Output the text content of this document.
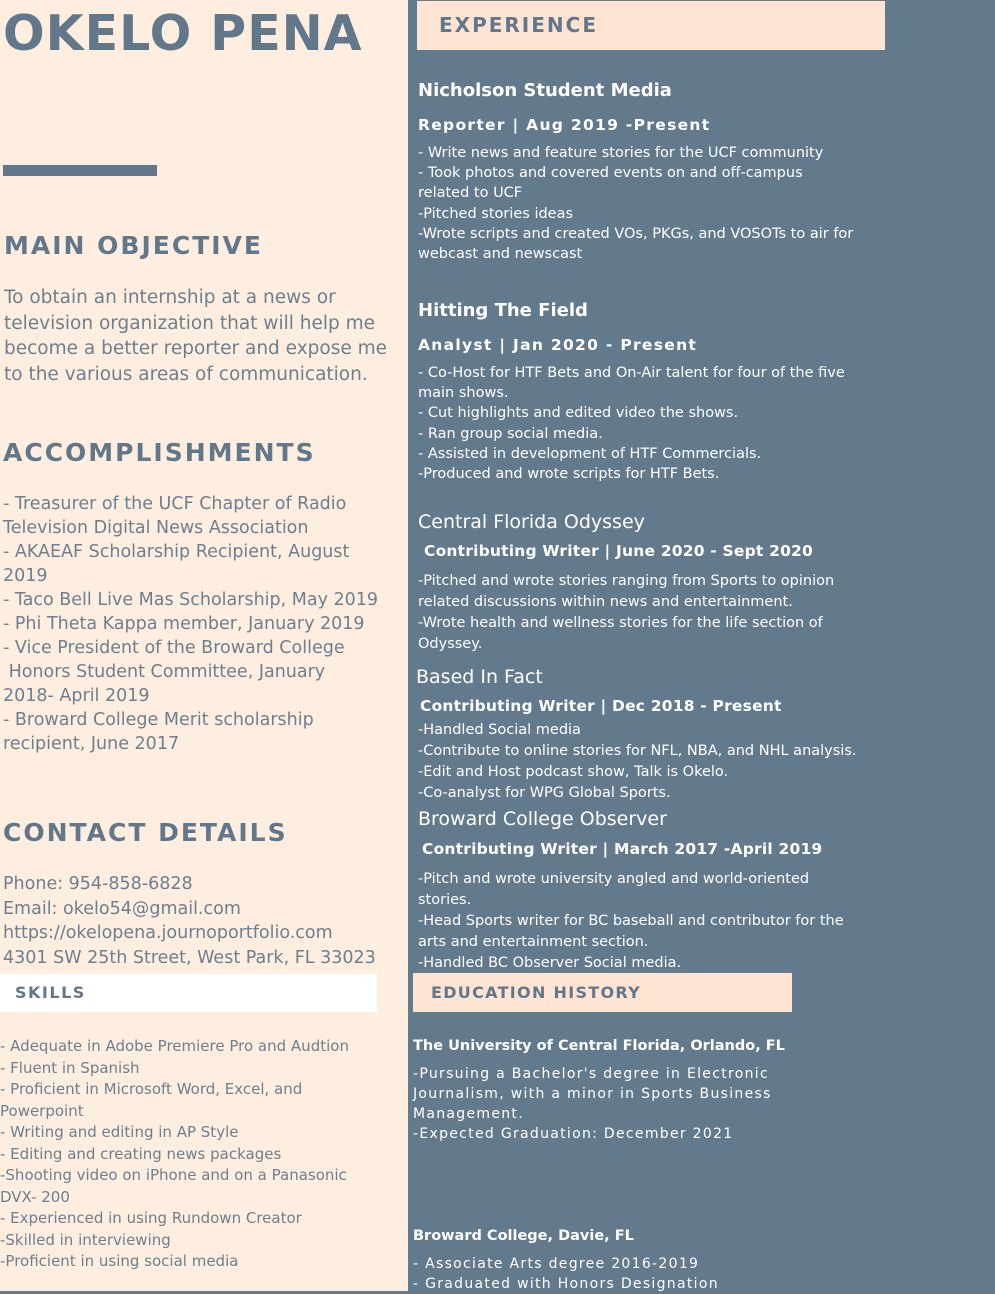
OKELO PENA
MAIN OBJECTIVE
To obtain an internship at a news or television organization that will help me become a better reporter and expose me to the various areas of communication.
ACCOMPLISHMENTS
- Treasurer of the UCF Chapter of Radio
Television Digital News Association
- AKAEAF Scholarship Recipient, August
2019
- Taco Bell Live Mas Scholarship, May 2019
- Phi Theta Kappa member, January 2019
- Vice President of the Broward College
Honors Student Committee, January
2018- April 2019
- Broward College Merit scholarship
recipient, June 2017
CONTACT DETAILS
Phone: 954-858-6828
Email: okelo54@gmail.com
https://okelopena.journoportfolio.com
4301 SW 25th Street, West Park, FL 33023
SKILLS
- Adequate in Adobe Premiere Pro and Audtion
- Fluent in Spanish
- Proficient in Microsoft Word, Excel, and
Powerpoint
- Writing and editing in AP Style
- Editing and creating news packages
-Shooting video on iPhone and on a Panasonic
DVX- 200
- Experienced in using Rundown Creator
-Skilled in interviewing
-Proficient in using social media
EXPERIENCE
Nicholson Student Media
Reporter | Aug 2019 -Present
- Write news and feature stories for the UCF community
- Took photos and covered events on and off-campus
related to UCF
-Pitched stories ideas
-Wrote scripts and created VOs, PKGs, and VOSOTs to air for
webcast and newscast
Hitting The Field
Analyst | Jan 2020 - Present
- Co-Host for HTF Bets and On-Air talent for four of the five
main shows.
- Cut highlights and edited video the shows.
- Ran group social media.
- Assisted in development of HTF Commercials.
-Produced and wrote scripts for HTF Bets.
Central Florida Odyssey
Contributing Writer | June 2020 - Sept 2020
-Pitched and wrote stories ranging from Sports to opinion
related discussions within news and entertainment.
-Wrote health and wellness stories for the life section of
Odyssey.
Based In Fact
Contributing Writer | Dec 2018 - Present
-Handled Social media
-Contribute to online stories for NFL, NBA, and NHL analysis.
-Edit and Host podcast show, Talk is Okelo.
-Co-analyst for WPG Global Sports.
Broward College Observer
Contributing Writer | March 2017 -April 2019
-Pitch and wrote university angled and world-oriented
stories.
-Head Sports writer for BC baseball and contributor for the
arts and entertainment section.
-Handled BC Observer Social media.
EDUCATION HISTORY
The University of Central Florida, Orlando, FL
-Pursuing a Bachelor's degree in Electronic
Journalism, with a minor in Sports Business
Management.
-Expected Graduation: December 2021
Broward College, Davie, FL
- Associate Arts degree 2016-2019
- Graduated with Honors Designation
